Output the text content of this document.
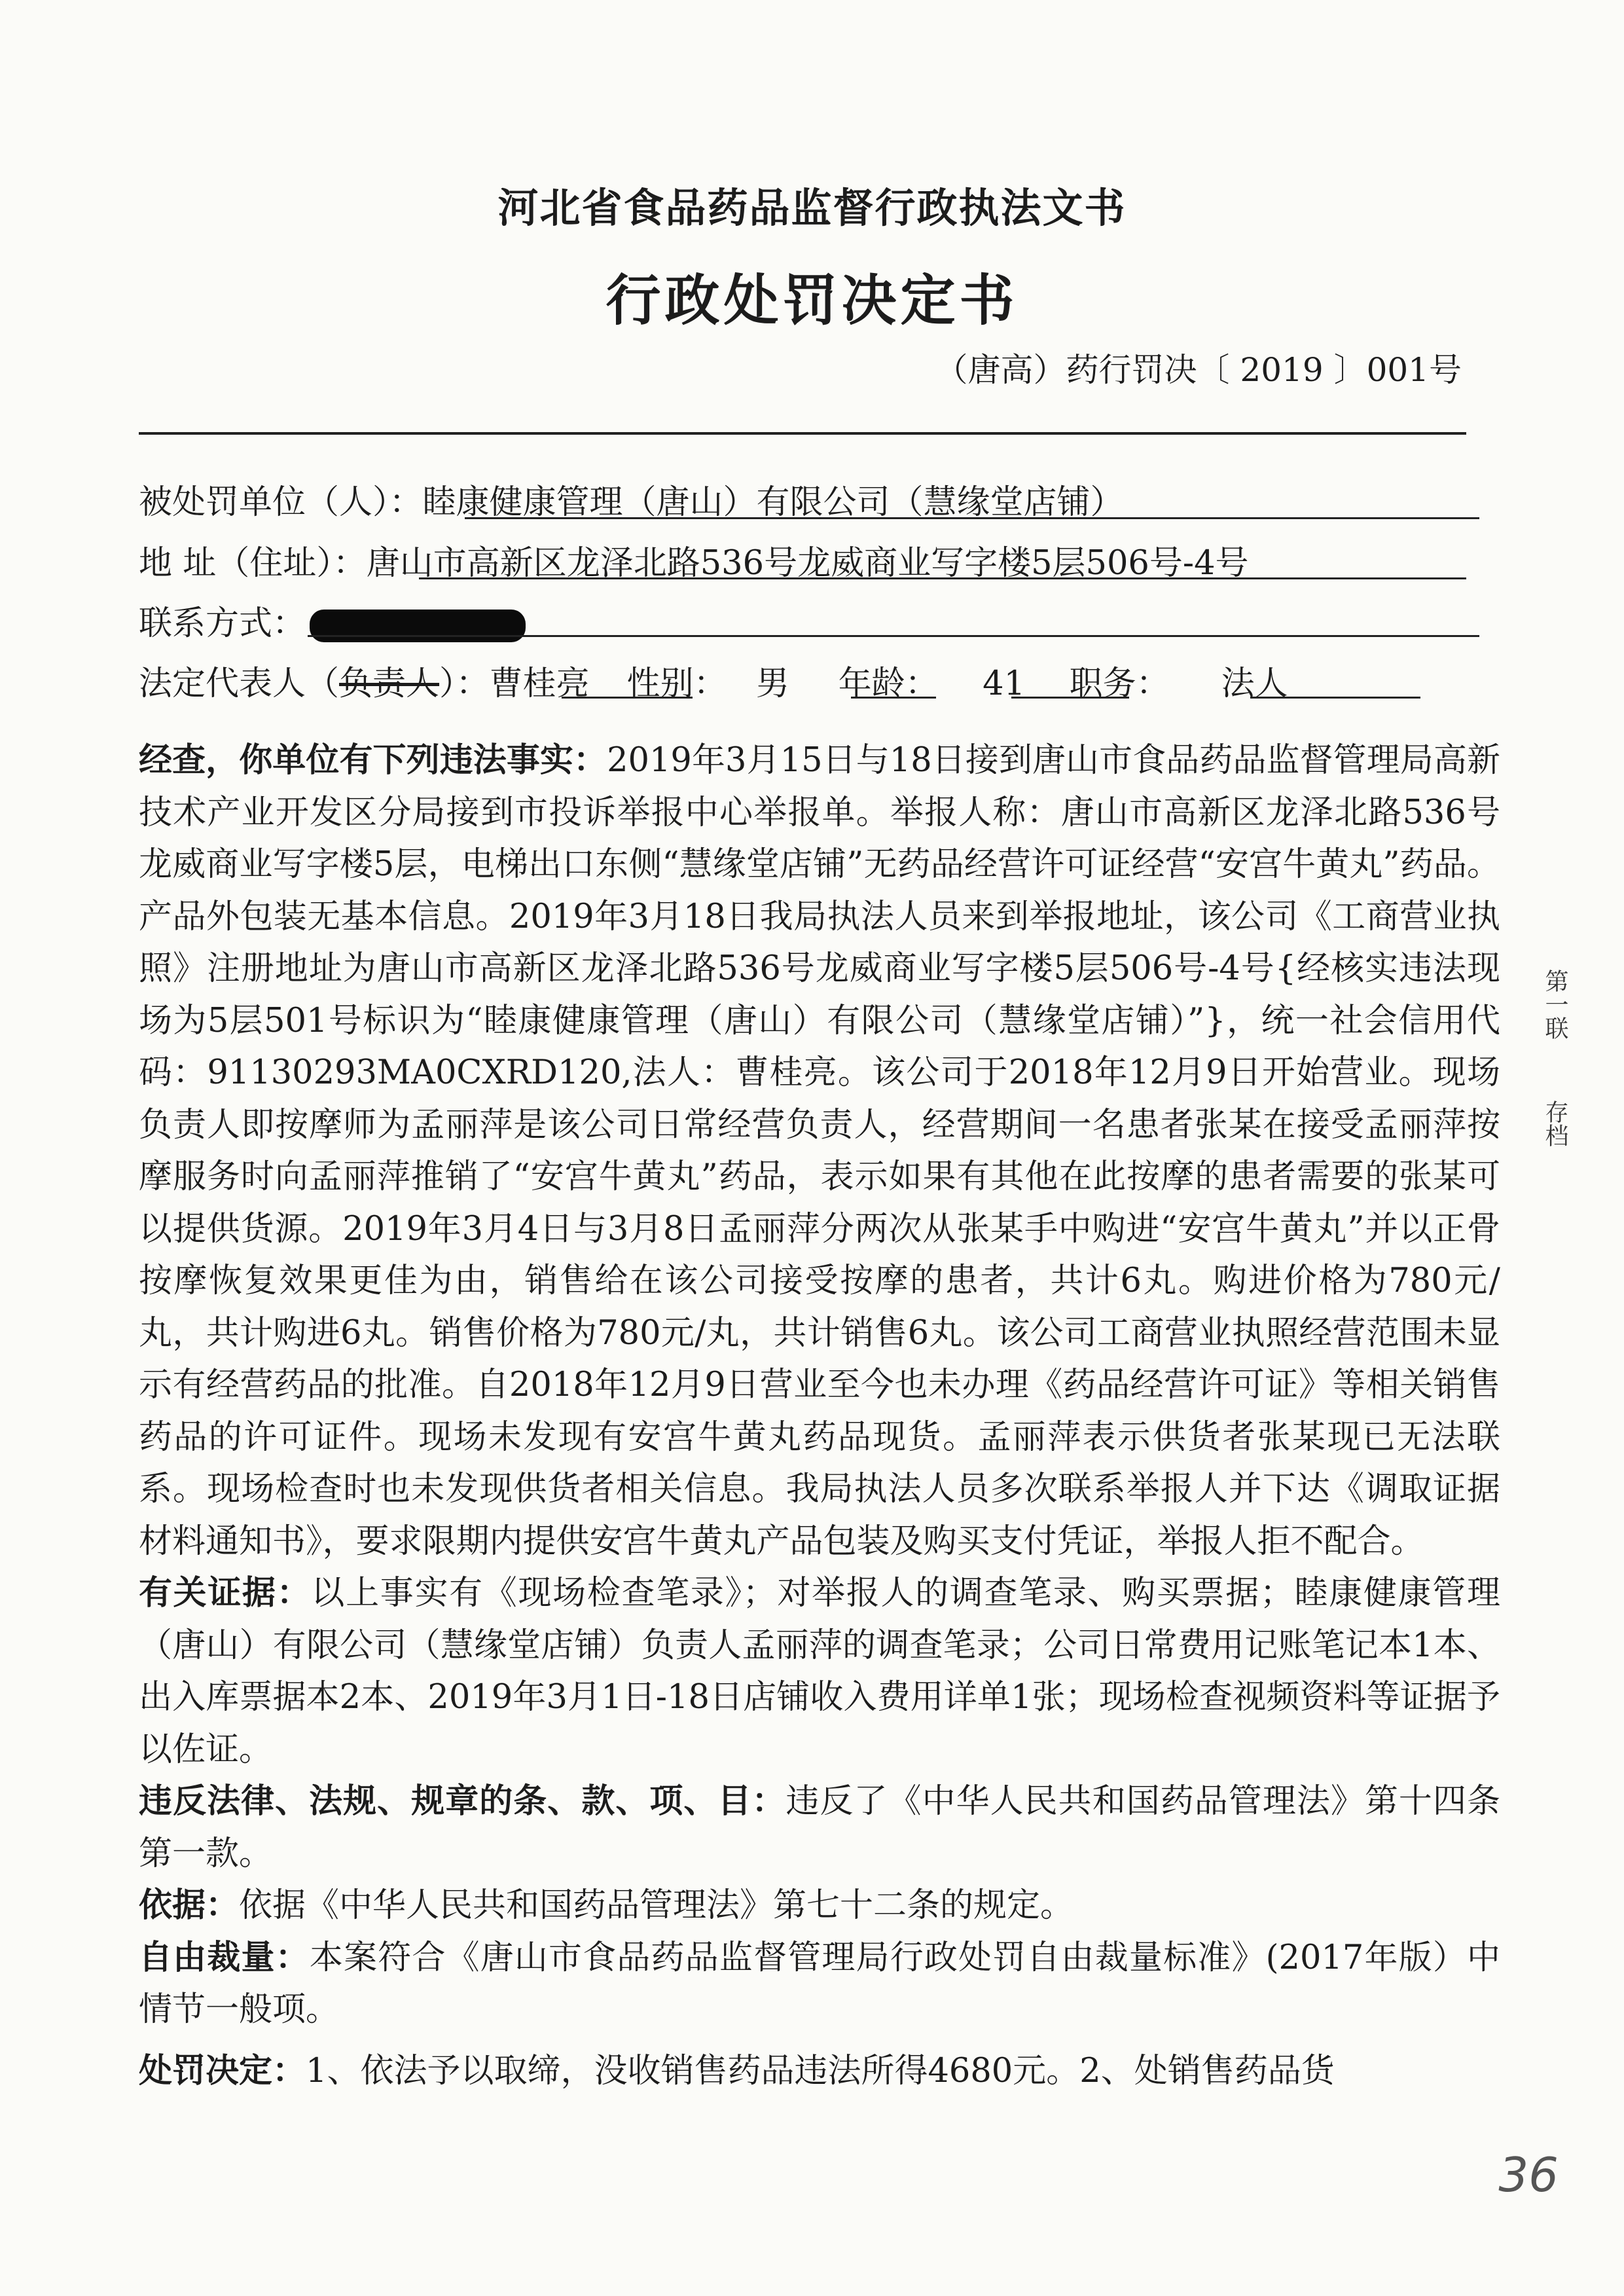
河北省食品药品监督行政执法文书
行政处罚决定书
（唐高）药行罚决〔 2019 〕001号
被处罚单位（人）：睦康健康管理（唐山）有限公司（慧缘堂店铺）
地 址（住址）：唐山市高新区龙泽北路536号龙威商业写字楼5层506号-4号
联系方式：
法定代表人（负责人）：曹桂亮 性别： 男 年龄： 41 职务： 法人

经查，你单位有下列违法事实：2019年3月15日与18日接到唐山市食品药品监督管理局高新技术产业开发区分局接到市投诉举报中心举报单。举报人称：唐山市高新区龙泽北路536号龙威商业写字楼5层，电梯出口东侧“慧缘堂店铺”无药品经营许可证经营“安宫牛黄丸”药品。产品外包装无基本信息。2019年3月18日我局执法人员来到举报地址，该公司《工商营业执照》注册地址为唐山市高新区龙泽北路536号龙威商业写字楼5层506号-4号{经核实违法现场为5层501号标识为“睦康健康管理（唐山）有限公司（慧缘堂店铺）”}，统一社会信用代码：91130293MA0CXRD120,法人：曹桂亮。该公司于2018年12月9日开始营业。现场负责人即按摩师为孟丽萍是该公司日常经营负责人，经营期间一名患者张某在接受孟丽萍按摩服务时向孟丽萍推销了“安宫牛黄丸”药品，表示如果有其他在此按摩的患者需要的张某可以提供货源。2019年3月4日与3月8日孟丽萍分两次从张某手中购进“安宫牛黄丸”并以正骨按摩恢复效果更佳为由，销售给在该公司接受按摩的患者，共计6丸。购进价格为780元/丸，共计购进6丸。销售价格为780元/丸，共计销售6丸。该公司工商营业执照经营范围未显示有经营药品的批准。自2018年12月9日营业至今也未办理《药品经营许可证》等相关销售药品的许可证件。现场未发现有安宫牛黄丸药品现货。孟丽萍表示供货者张某现已无法联系。现场检查时也未发现供货者相关信息。我局执法人员多次联系举报人并下达《调取证据材料通知书》，要求限期内提供安宫牛黄丸产品包装及购买支付凭证，举报人拒不配合。

有关证据：以上事实有《现场检查笔录》；对举报人的调查笔录、购买票据；睦康健康管理（唐山）有限公司（慧缘堂店铺）负责人孟丽萍的调查笔录；公司日常费用记账笔记本1本、出入库票据本2本、2019年3月1日-18日店铺收入费用详单1张；现场检查视频资料等证据予以佐证。

违反法律、法规、规章的条、款、项、目：违反了《中华人民共和国药品管理法》第十四条第一款。

依据：依据《中华人民共和国药品管理法》第七十二条的规定。

自由裁量：本案符合《唐山市食品药品监督管理局行政处罚自由裁量标准》(2017年版）中情节一般项。

处罚决定：1、依法予以取缔，没收销售药品违法所得4680元。2、处销售药品货

第一联
存档
36
